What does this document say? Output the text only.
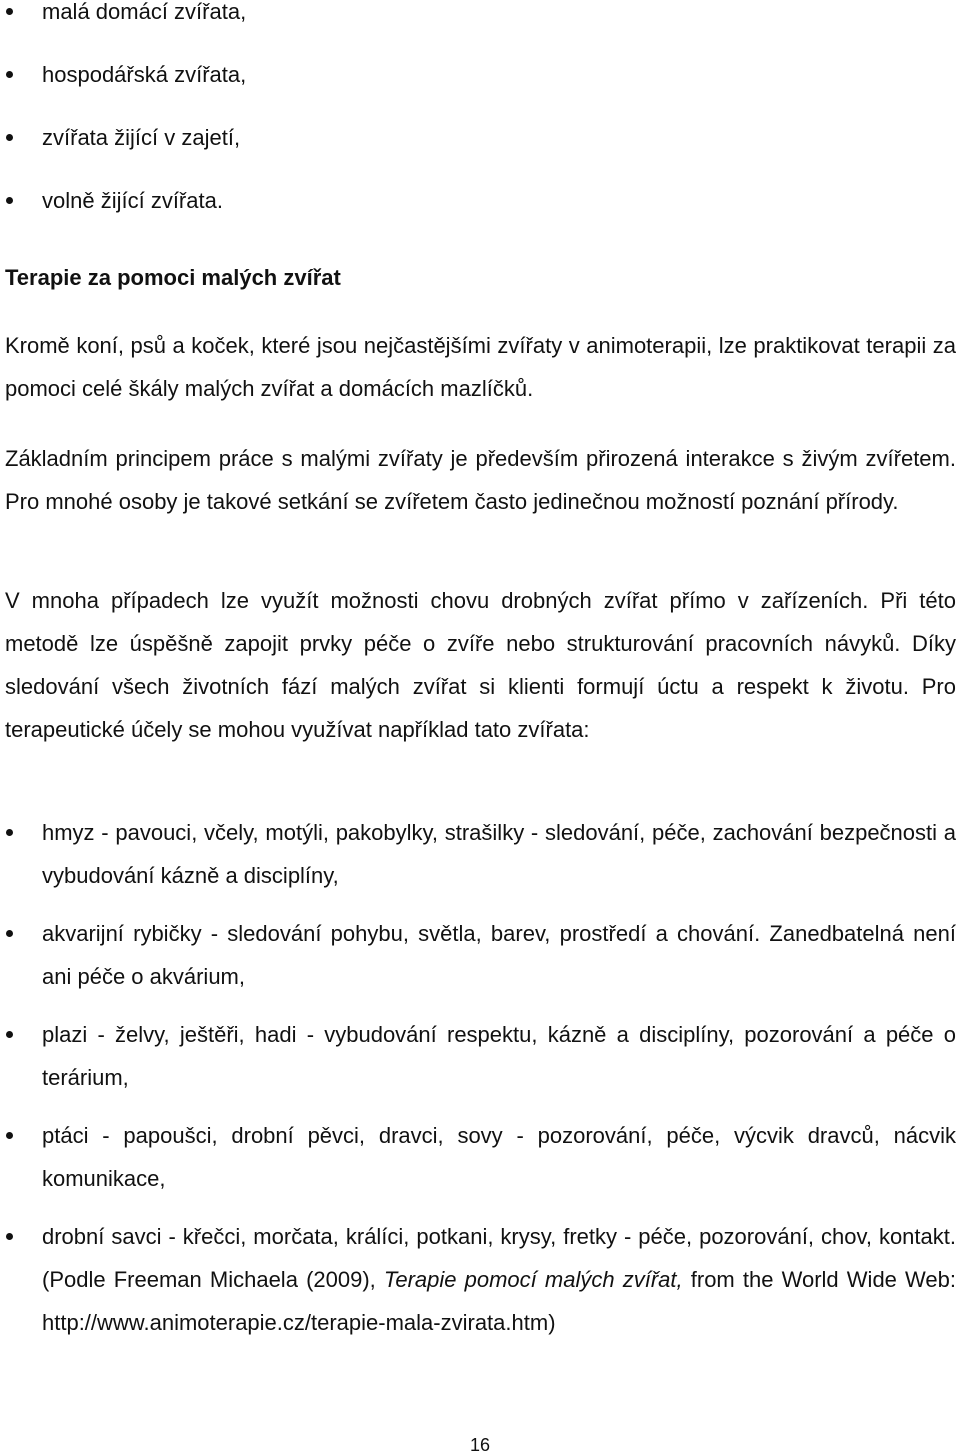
malá domácí zvířata,
hospodářská zvířata,
zvířata žijící v zajetí,
volně žijící zvířata.
Terapie za pomoci malých zvířat

Kromě koní, psů a koček, které jsou nejčastějšími zvířaty v animoterapii, lze praktikovat terapii za pomoci celé škály malých zvířat a domácích mazlíčků.

Základním principem práce s malými zvířaty je především přirozená interakce s živým zvířetem. Pro mnohé osoby je takové setkání se zvířetem často jedinečnou možností poznání přírody.

V mnoha případech lze využít možnosti chovu drobných zvířat přímo v zařízeních. Při této metodě lze úspěšně zapojit prvky péče o zvíře nebo strukturování pracovních návyků. Díky sledování všech životních fází malých zvířat si klienti formují úctu a respekt k životu. Pro terapeutické účely se mohou využívat například tato zvířata:

hmyz - pavouci, včely, motýli, pakobylky, strašilky - sledování, péče, zachování bezpečnosti a vybudování kázně a disciplíny,
akvarijní rybičky - sledování pohybu, světla, barev, prostředí a chování. Zanedbatelná není ani péče o akvárium,
plazi - želvy, ještěři, hadi - vybudování respektu, kázně a disciplíny, pozorování a péče o terárium,
ptáci - papoušci, drobní pěvci, dravci, sovy - pozorování, péče, výcvik dravců, nácvik komunikace,
drobní savci - křečci, morčata, králíci, potkani, krysy, fretky - péče, pozorování, chov, kontakt. (Podle Freeman Michaela (2009), Terapie pomocí malých zvířat, from the World Wide Web: http://www.animoterapie.cz/terapie-mala-zvirata.htm)
16
